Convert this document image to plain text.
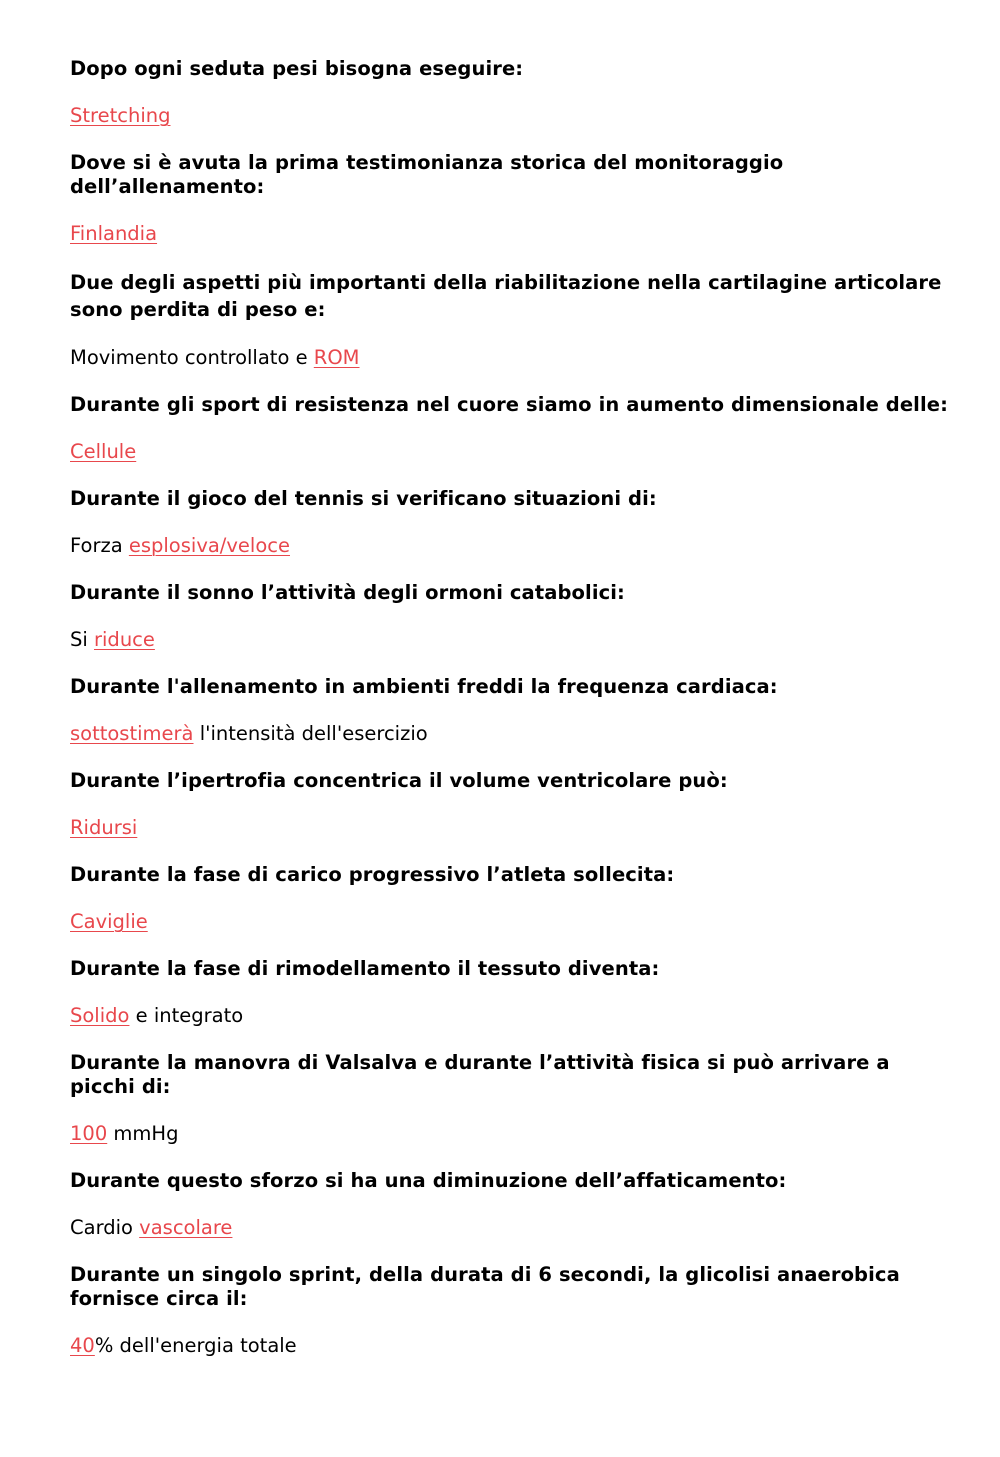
Dopo ogni seduta pesi bisogna eseguire:

Stretching

Dove si è avuta la prima testimonianza storica del monitoraggio dell’allenamento:

Finlandia

Due degli aspetti più importanti della riabilitazione nella cartilagine articolare sono perdita di peso e:

Movimento controllato e ROM

Durante gli sport di resistenza nel cuore siamo in aumento dimensionale delle:

Cellule

Durante il gioco del tennis si verificano situazioni di:

Forza esplosiva/veloce

Durante il sonno l’attività degli ormoni catabolici:

Si riduce

Durante l'allenamento in ambienti freddi la frequenza cardiaca:

sottostimerà l'intensità dell'esercizio

Durante l’ipertrofia concentrica il volume ventricolare può:

Ridursi

Durante la fase di carico progressivo l’atleta sollecita:

Caviglie

Durante la fase di rimodellamento il tessuto diventa:

Solido e integrato

Durante la manovra di Valsalva e durante l’attività fisica si può arrivare a picchi di:

100 mmHg

Durante questo sforzo si ha una diminuzione dell’affaticamento:

Cardio vascolare

Durante un singolo sprint, della durata di 6 secondi, la glicolisi anaerobica fornisce circa il:

40% dell'energia totale
